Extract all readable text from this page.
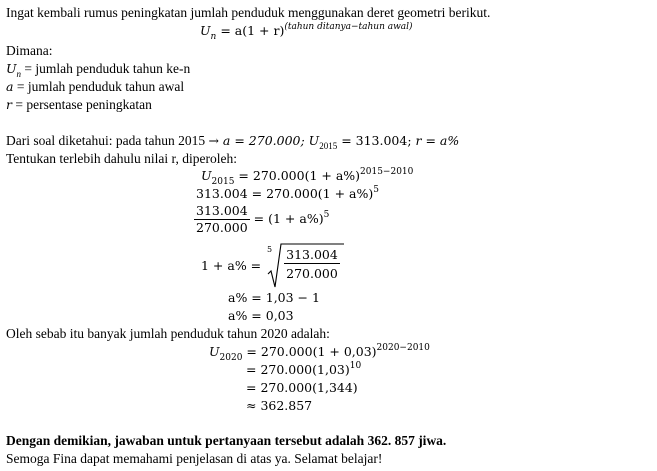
Ingat kembali rumus peningkatan jumlah penduduk menggunakan deret geometri berikut.
$U_n = a(1 + r)^{(tahun ditanya-tahun awal)}$
Dimana:
$U_n$ = jumlah penduduk tahun ke-n
a = jumlah penduduk tahun awal
r = persentase peningkatan
Dari soal diketahui: pada tahun 2015 → a = 270.000; $U_{2015} = 313.004$; r = a%
Tentukan terlebih dahulu nilai r, diperoleh:
$U_{2015} = 270.000(1 + a\%)^{2015-2010}$
$313.004 = 270.000(1 + a\%)^5$
$\frac{313.004}{270.000} = (1 + a\%)^5$
1 + a% =
5 313.004
270.000
a% = 1,03 − 1
a% = 0,03
Oleh sebab itu banyak jumlah penduduk tahun 2020 adalah:
$U_{2020} = 270.000(1 + 0,03)^{2020-2010}$
= $270.000(1,03)^{10}$
= 270.000(1,344)
≈ 362.857
Dengan demikian, jawaban untuk pertanyaan tersebut adalah 362. 857 jiwa.
Semoga Fina dapat memahami penjelasan di atas ya. Selamat belajar!
